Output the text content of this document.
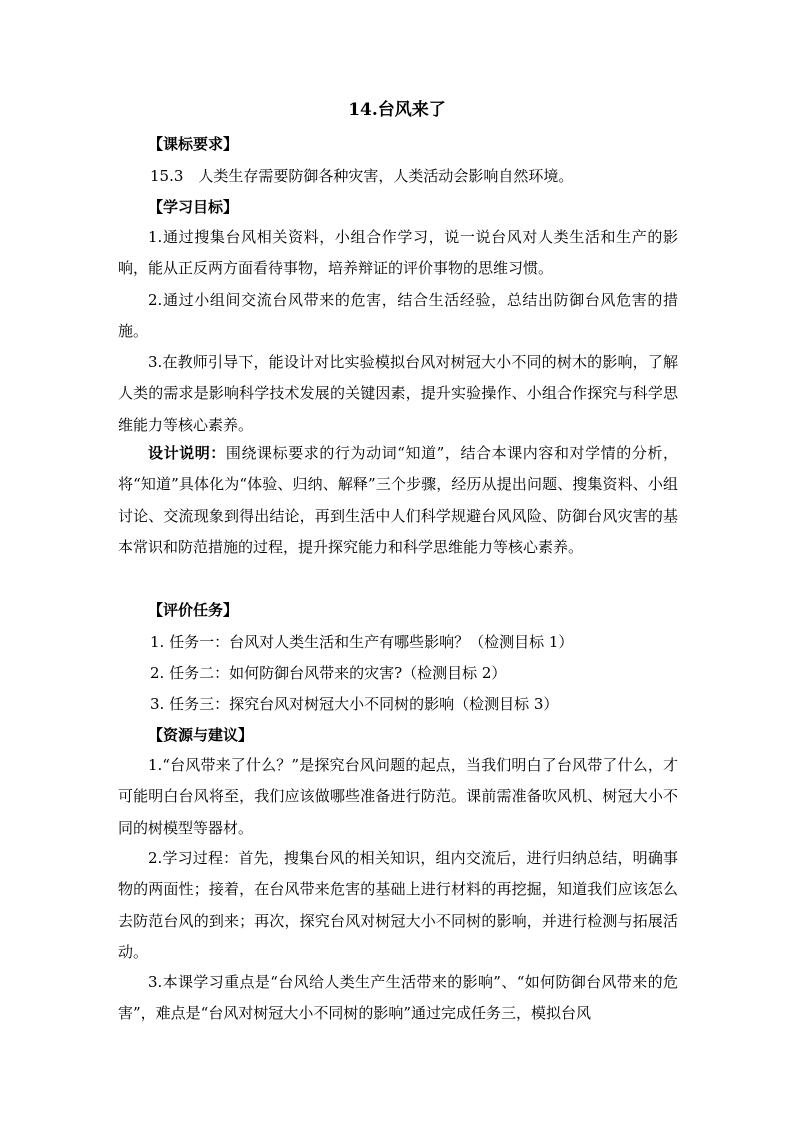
14.台风来了
【课标要求】
15.3　人类生存需要防御各种灾害，人类活动会影响自然环境。
【学习目标】
1.通过搜集台风相关资料，小组合作学习，说一说台风对人类生活和生产的影响，能从正反两方面看待事物，培养辩证的评价事物的思维习惯。
2.通过小组间交流台风带来的危害，结合生活经验，总结出防御台风危害的措施。
3.在教师引导下，能设计对比实验模拟台风对树冠大小不同的树木的影响，了解人类的需求是影响科学技术发展的关键因素，提升实验操作、小组合作探究与科学思维能力等核心素养。
设计说明：围绕课标要求的行为动词“知道”，结合本课内容和对学情的分析，将“知道”具体化为“体验、归纳、解释”三个步骤，经历从提出问题、搜集资料、小组讨论、交流现象到得出结论，再到生活中人们科学规避台风风险、防御台风灾害的基本常识和防范措施的过程，提升探究能力和科学思维能力等核心素养。
【评价任务】
1. 任务一：台风对人类生活和生产有哪些影响？（检测目标 1）
2. 任务二：如何防御台风带来的灾害?（检测目标 2）
3. 任务三：探究台风对树冠大小不同树的影响（检测目标 3）
【资源与建议】
1.“台风带来了什么？”是探究台风问题的起点，当我们明白了台风带了什么，才可能明白台风将至，我们应该做哪些准备进行防范。课前需准备吹风机、树冠大小不同的树模型等器材。
2.学习过程：首先，搜集台风的相关知识，组内交流后，进行归纳总结，明确事物的两面性；接着，在台风带来危害的基础上进行材料的再挖掘，知道我们应该怎么去防范台风的到来；再次，探究台风对树冠大小不同树的影响，并进行检测与拓展活动。
3.本课学习重点是“台风给人类生产生活带来的影响”、“如何防御台风带来的危害”，难点是“台风对树冠大小不同树的影响”通过完成任务三，模拟台风
